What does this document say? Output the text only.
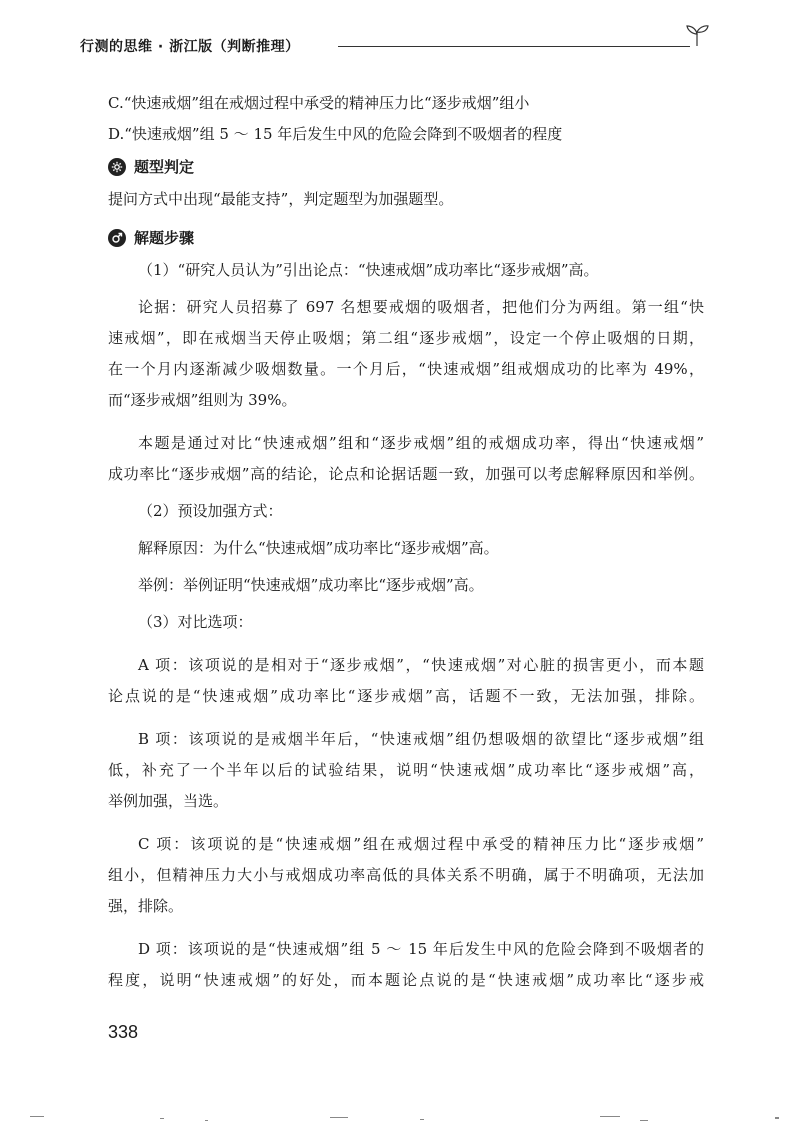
行测的思维 · 浙江版（判断推理）
C.“快速戒烟”组在戒烟过程中承受的精神压力比“逐步戒烟”组小
D.“快速戒烟”组 5 ～ 15 年后发生中风的危险会降到不吸烟者的程度
题型判定
提问方式中出现“最能支持”，判定题型为加强题型。
解题步骤
（1）“研究人员认为”引出论点：“快速戒烟”成功率比“逐步戒烟”高。
论据：研究人员招募了 697 名想要戒烟的吸烟者，把他们分为两组。第一组“快
速戒烟”，即在戒烟当天停止吸烟；第二组“逐步戒烟”，设定一个停止吸烟的日期，
在一个月内逐渐减少吸烟数量。一个月后，“快速戒烟”组戒烟成功的比率为 49%，
而“逐步戒烟”组则为 39%。
本题是通过对比“快速戒烟”组和“逐步戒烟”组的戒烟成功率，得出“快速戒烟”
成功率比“逐步戒烟”高的结论，论点和论据话题一致，加强可以考虑解释原因和举例。
（2）预设加强方式：
解释原因：为什么“快速戒烟”成功率比“逐步戒烟”高。
举例：举例证明“快速戒烟”成功率比“逐步戒烟”高。
（3）对比选项：
A 项：该项说的是相对于“逐步戒烟”，“快速戒烟”对心脏的损害更小，而本题
论点说的是“快速戒烟”成功率比“逐步戒烟”高，话题不一致，无法加强，排除。
B 项：该项说的是戒烟半年后，“快速戒烟”组仍想吸烟的欲望比“逐步戒烟”组
低，补充了一个半年以后的试验结果，说明“快速戒烟”成功率比“逐步戒烟”高，
举例加强，当选。
C 项：该项说的是“快速戒烟”组在戒烟过程中承受的精神压力比“逐步戒烟”
组小，但精神压力大小与戒烟成功率高低的具体关系不明确，属于不明确项，无法加
强，排除。
D 项：该项说的是“快速戒烟”组 5 ～ 15 年后发生中风的危险会降到不吸烟者的
程度，说明“快速戒烟”的好处，而本题论点说的是“快速戒烟”成功率比“逐步戒
338
